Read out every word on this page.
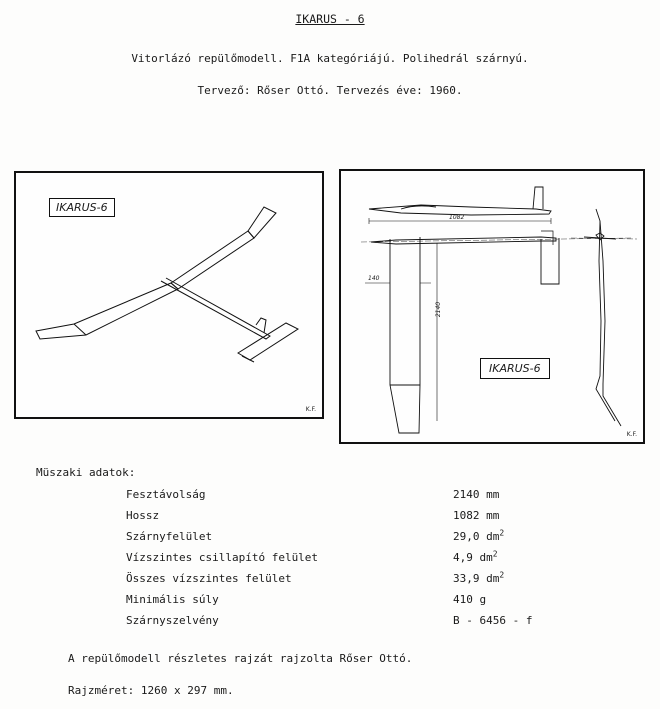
IKARUS - 6
Vitorlázó repülőmodell. F1A kategóriájú. Polihedrál szárnyú.
Tervező: Rőser Ottó. Tervezés éve: 1960.
IKARUS-6
K.F.
1082
2140
140
IKARUS-6
K.F.
Müszaki adatok:
Fesztávolság	2140 mm
Hossz	1082 mm
Szárnyfelület	29,0 $dm^2$
Vízszintes csillapító felület	4,9 $dm^2$
Összes vízszintes felület	33,9 $dm^2$
Minimális súly	410 g
Szárnyszelvény	B - 6456 - f
A repülőmodell részletes rajzát rajzolta Rőser Ottó.
Rajzméret: 1260 x 297 mm.
